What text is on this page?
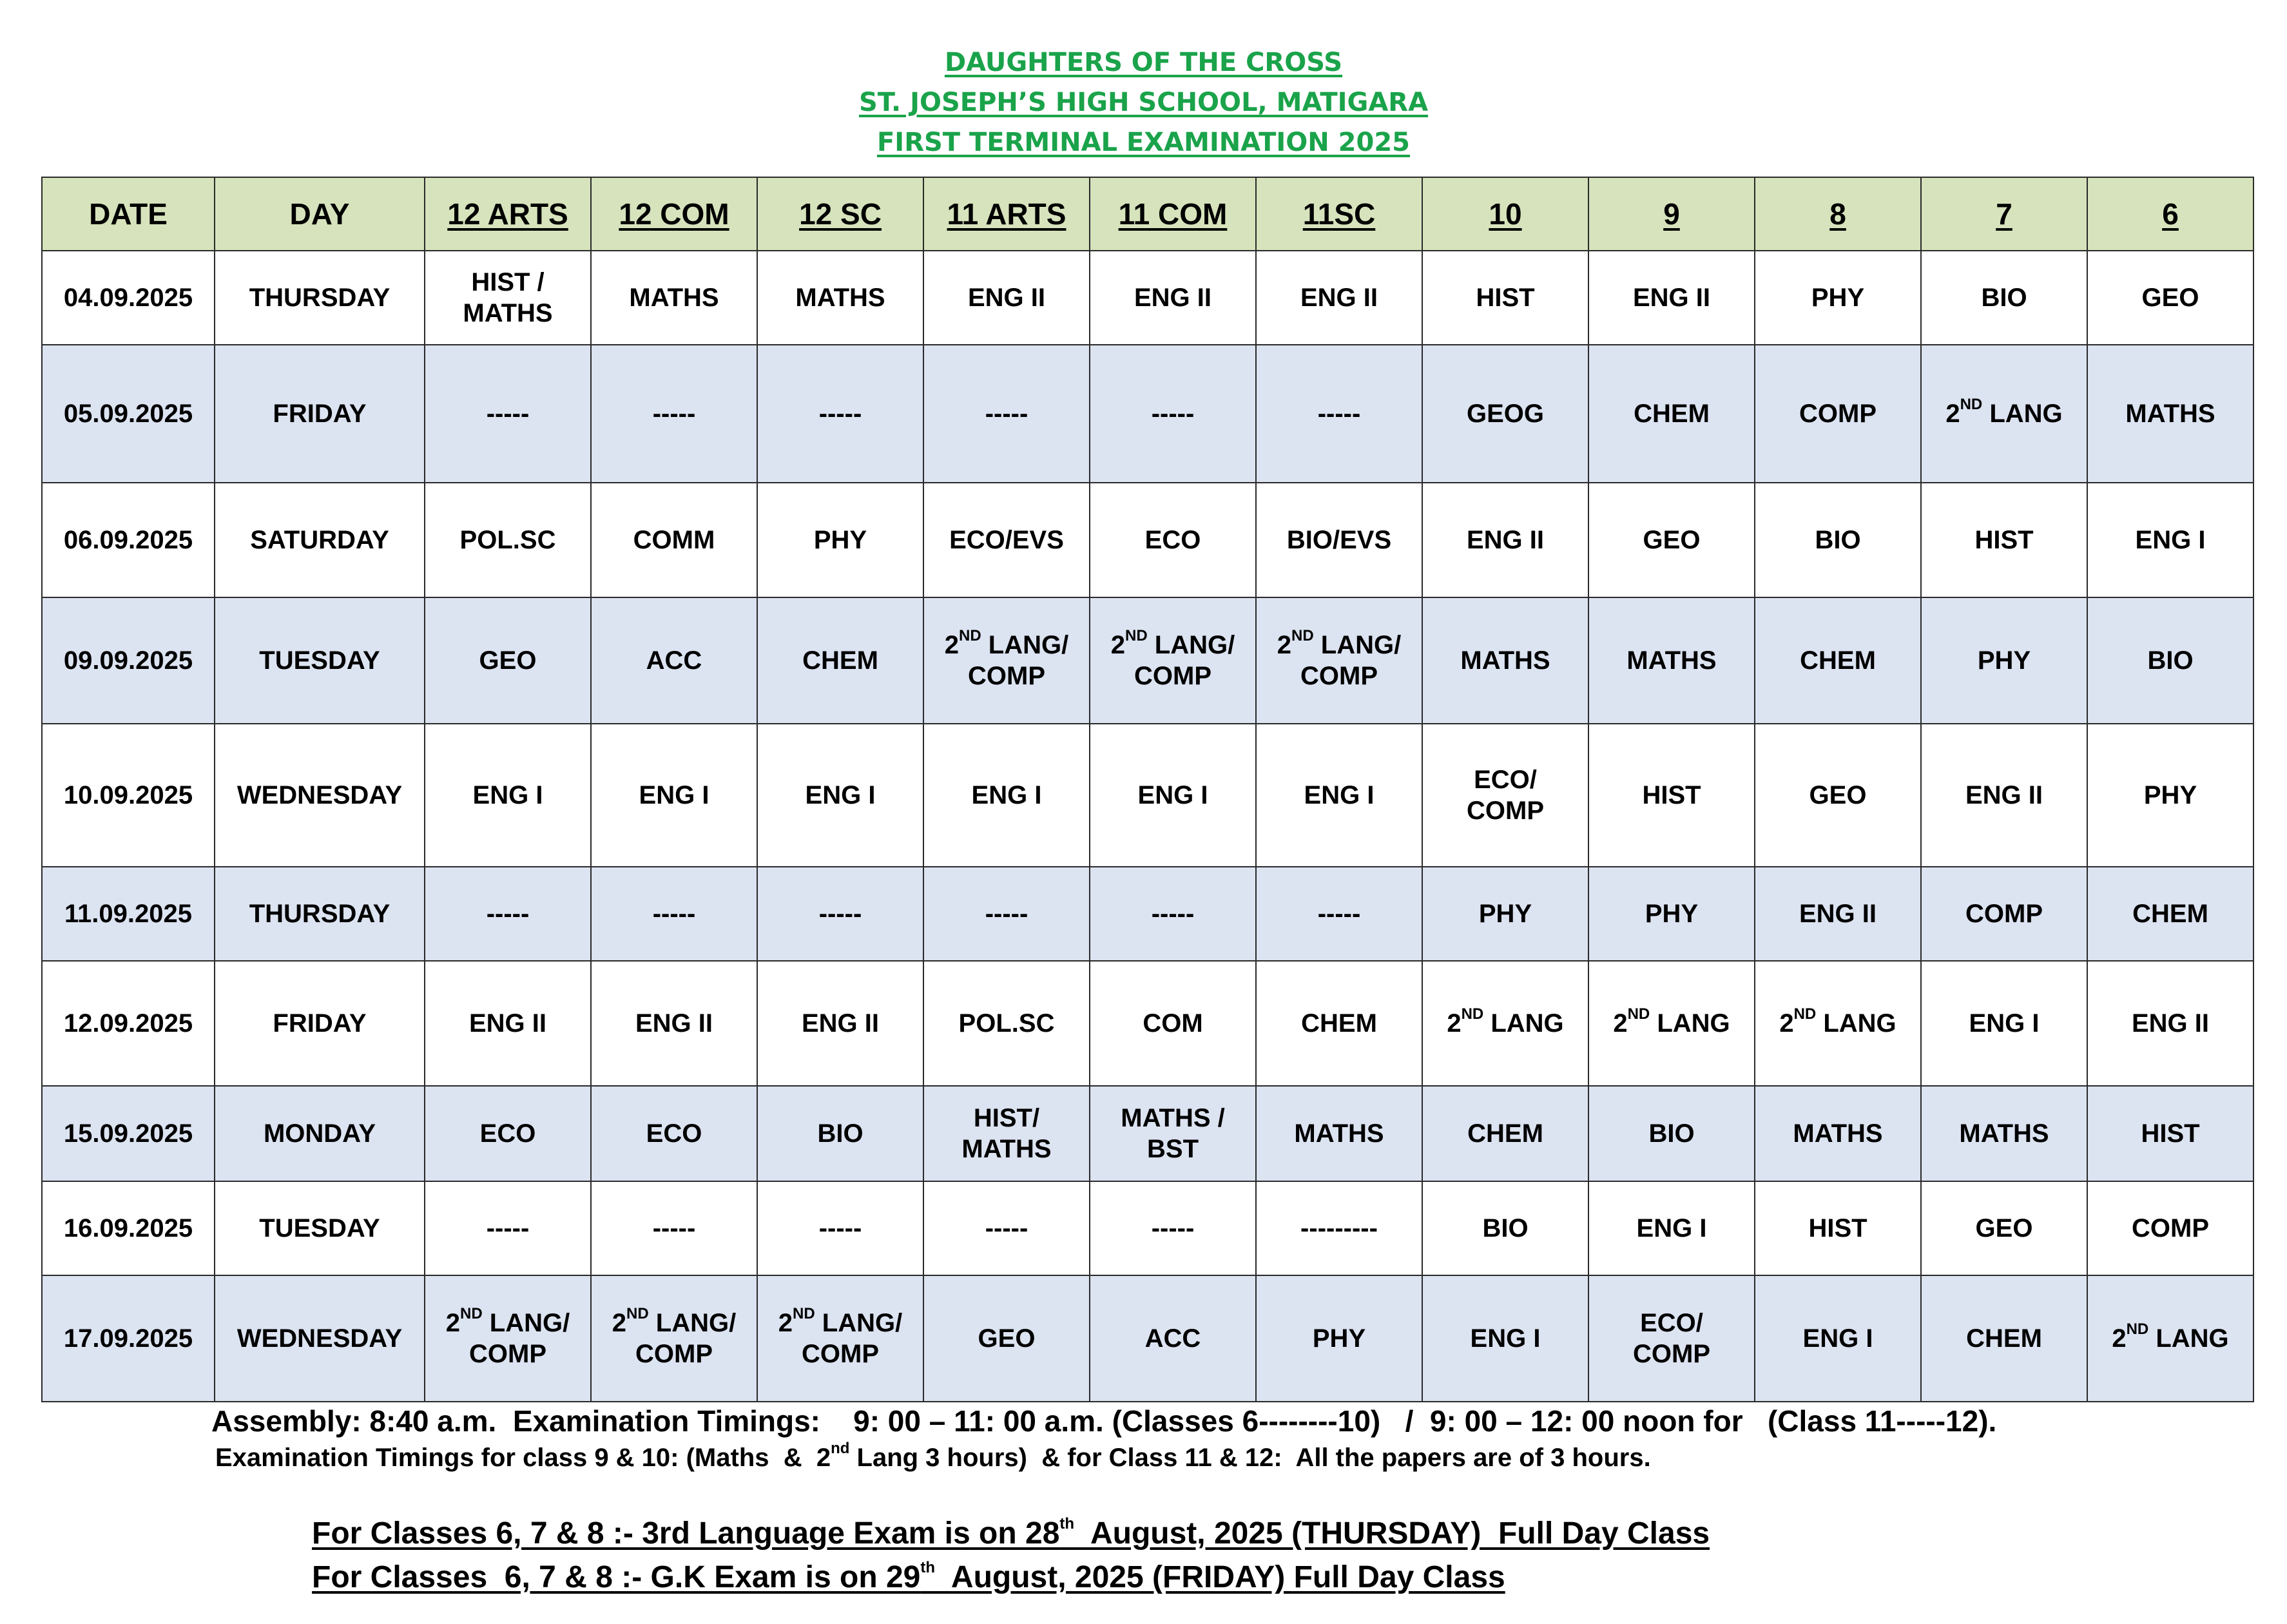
DAUGHTERS OF THE CROSS
ST. JOSEPH’S HIGH SCHOOL, MATIGARA
FIRST TERMINAL EXAMINATION 2025
DATE	DAY	12 ARTS	12 COM	12 SC	11 ARTS	11 COM	11SC	10	9	8	7	6
04.09.2025	THURSDAY	HIST /
MATHS	MATHS	MATHS	ENG II	ENG II	ENG II	HIST	ENG II	PHY	BIO	GEO
05.09.2025	FRIDAY	-----	-----	-----	-----	-----	-----	GEOG	CHEM	COMP	2ND LANG	MATHS
06.09.2025	SATURDAY	POL.SC	COMM	PHY	ECO/EVS	ECO	BIO/EVS	ENG II	GEO	BIO	HIST	ENG I
09.09.2025	TUESDAY	GEO	ACC	CHEM	2ND LANG/
COMP	2ND LANG/
COMP	2ND LANG/
COMP	MATHS	MATHS	CHEM	PHY	BIO
10.09.2025	WEDNESDAY	ENG I	ENG I	ENG I	ENG I	ENG I	ENG I	ECO/
COMP	HIST	GEO	ENG II	PHY
11.09.2025	THURSDAY	-----	-----	-----	-----	-----	-----	PHY	PHY	ENG II	COMP	CHEM
12.09.2025	FRIDAY	ENG II	ENG II	ENG II	POL.SC	COM	CHEM	2ND LANG	2ND LANG	2ND LANG	ENG I	ENG II
15.09.2025	MONDAY	ECO	ECO	BIO	HIST/
MATHS	MATHS /
BST	MATHS	CHEM	BIO	MATHS	MATHS	HIST
16.09.2025	TUESDAY	-----	-----	-----	-----	-----	---------	BIO	ENG I	HIST	GEO	COMP
17.09.2025	WEDNESDAY	2ND LANG/
COMP	2ND LANG/
COMP	2ND LANG/
COMP	GEO	ACC	PHY	ENG I	ECO/
COMP	ENG I	CHEM	2ND LANG
Assembly: 8:40 a.m.  Examination Timings:    9: 00 – 11: 00 a.m. (Classes 6--------10)   /  9: 00 – 12: 00 noon for   (Class 11-----12).
Examination Timings for class 9 & 10: (Maths  &  2nd Lang 3 hours)  & for Class 11 & 12:  All the papers are of 3 hours.
For Classes 6, 7 & 8 :- 3rd Language Exam is on 28th  August, 2025 (THURSDAY)  Full Day Class
For Classes  6, 7 & 8 :- G.K Exam is on 29th  August, 2025 (FRIDAY) Full Day Class
